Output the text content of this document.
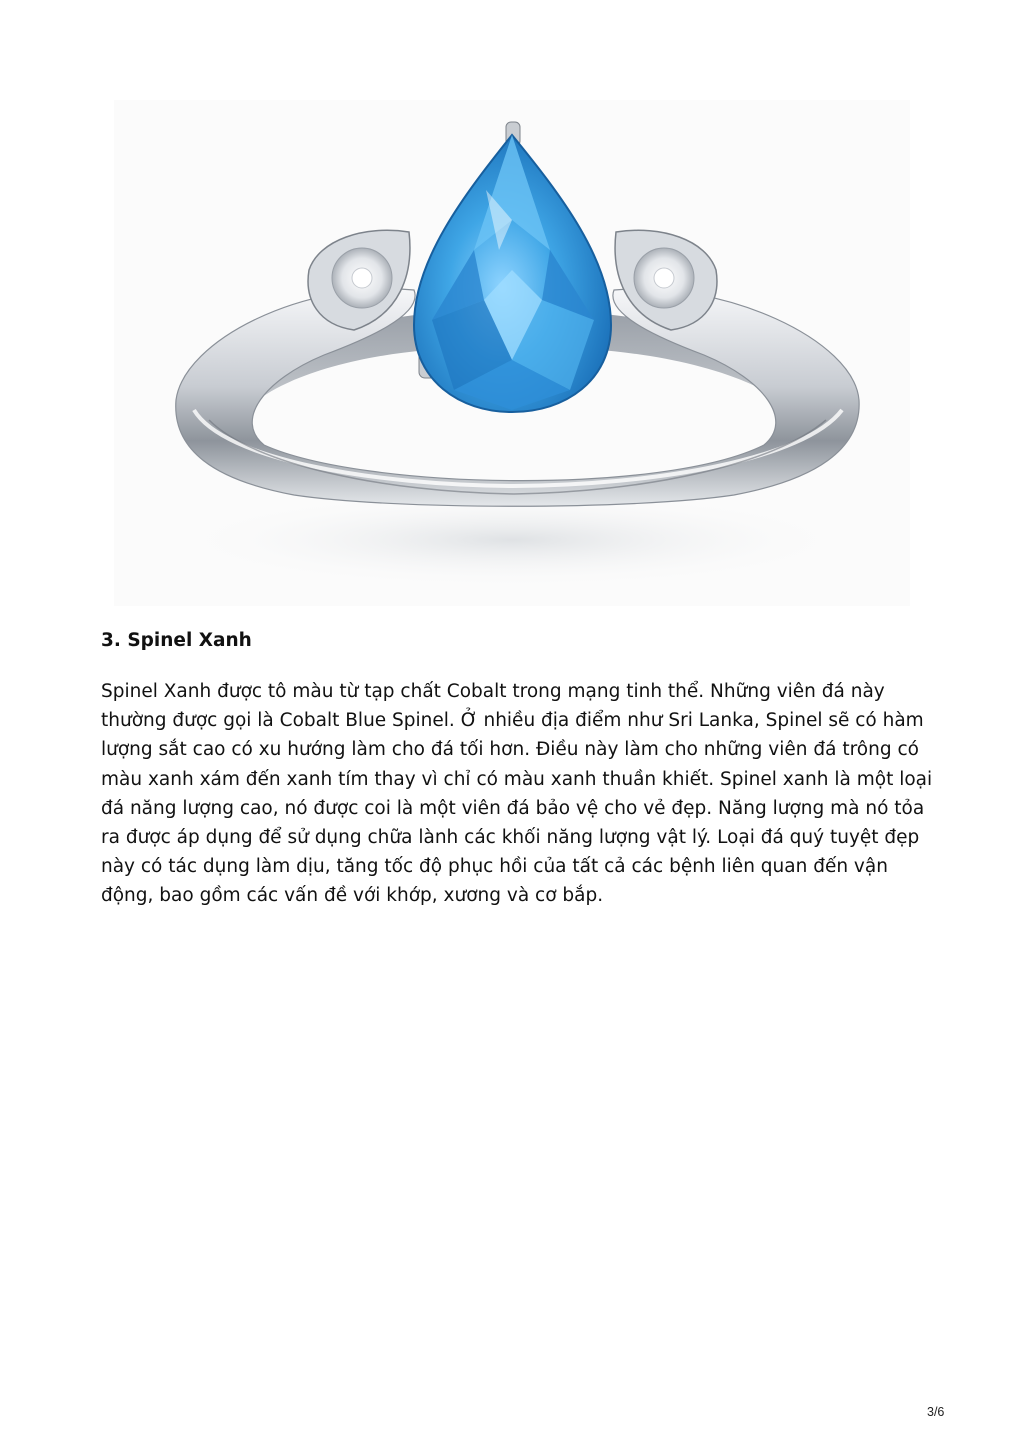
3. Spinel Xanh

Spinel Xanh được tô màu từ tạp chất Cobalt trong mạng tinh thể. Những viên đá này
thường được gọi là Cobalt Blue Spinel. Ở nhiều địa điểm như Sri Lanka, Spinel sẽ có hàm
lượng sắt cao có xu hướng làm cho đá tối hơn. Điều này làm cho những viên đá trông có
màu xanh xám đến xanh tím thay vì chỉ có màu xanh thuần khiết. Spinel xanh là một loại
đá năng lượng cao, nó được coi là một viên đá bảo vệ cho vẻ đẹp. Năng lượng mà nó tỏa
ra được áp dụng để sử dụng chữa lành các khối năng lượng vật lý. Loại đá quý tuyệt đẹp
này có tác dụng làm dịu, tăng tốc độ phục hồi của tất cả các bệnh liên quan đến vận
động, bao gồm các vấn đề với khớp, xương và cơ bắp.

3/6
